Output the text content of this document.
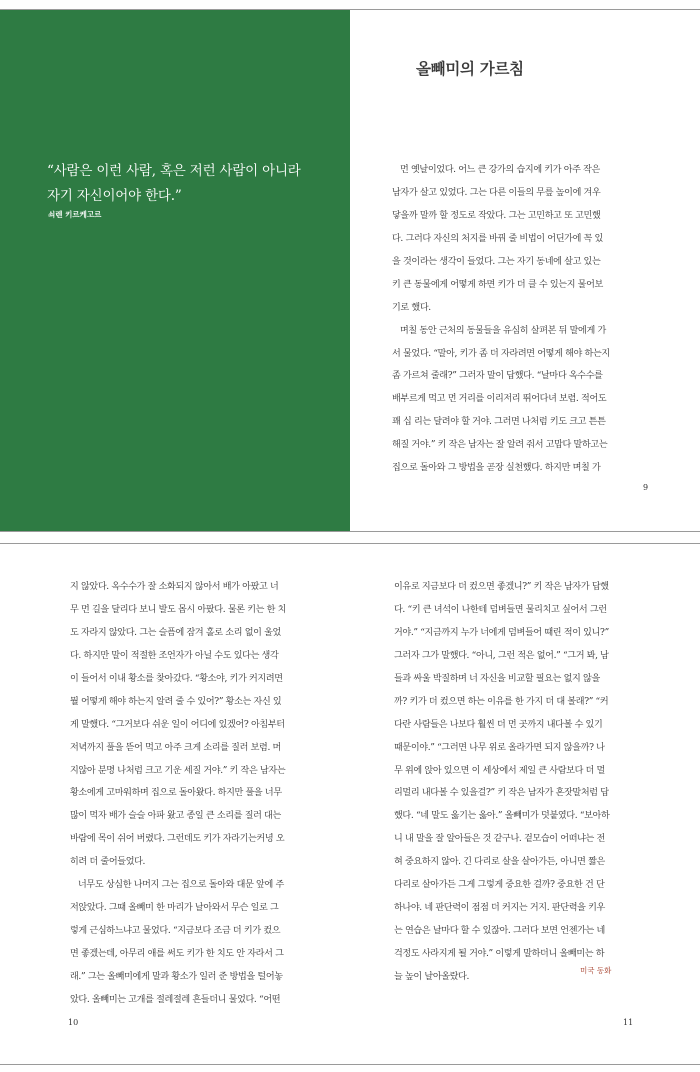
“사람은 이런 사람, 혹은 저런 사람이 아니라
자기 자신이어야 한다.”

쇠렌 키르케고르

올빼미의 가르침
먼 옛날이었다. 어느 큰 강가의 습지에 키가 아주 작은
남자가 살고 있었다. 그는 다른 이들의 무릎 높이에 겨우
닿을까 말까 할 정도로 작았다. 그는 고민하고 또 고민했
다. 그러다 자신의 처지를 바꿔 줄 비법이 어딘가에 꼭 있
을 것이라는 생각이 들었다. 그는 자기 동네에 살고 있는
키 큰 동물에게 어떻게 하면 키가 더 클 수 있는지 물어보
기로 했다.
며칠 동안 근처의 동물들을 유심히 살펴본 뒤 말에게 가
서 물었다. “말아, 키가 좀 더 자라려면 어떻게 해야 하는지
좀 가르쳐 줄래?” 그러자 말이 답했다. “날마다 옥수수를
배부르게 먹고 먼 거리를 이리저리 뛰어다녀 보렴. 적어도
꽤 십 리는 달려야 할 거야. 그러면 나처럼 키도 크고 튼튼
해질 거야.” 키 작은 남자는 잘 알려 줘서 고맙다 말하고는
집으로 돌아와 그 방법을 곧장 실천했다. 하지만 며칠 가

9

지 않았다. 옥수수가 잘 소화되지 않아서 배가 아팠고 너
무 먼 길을 달리다 보니 발도 몹시 아팠다. 물론 키는 한 치
도 자라지 않았다. 그는 슬픔에 잠겨 홀로 소리 없이 울었
다. 하지만 말이 적절한 조언자가 아닐 수도 있다는 생각
이 들어서 이내 황소를 찾아갔다. “황소야, 키가 커지려면
뭘 어떻게 해야 하는지 알려 줄 수 있어?” 황소는 자신 있
게 말했다. “그거보다 쉬운 일이 어디에 있겠어? 아침부터
저녁까지 풀을 뜯어 먹고 아주 크게 소리를 질러 보렴. 머
지않아 분명 나처럼 크고 기운 세질 거야.” 키 작은 남자는
황소에게 고마워하며 집으로 돌아왔다. 하지만 풀을 너무
많이 먹자 배가 슬슬 아파 왔고 종일 큰 소리를 질러 대는
바람에 목이 쉬어 버렸다. 그런데도 키가 자라기는커녕 오
히려 더 줄어들었다.
너무도 상심한 나머지 그는 집으로 돌아와 대문 앞에 주
저앉았다. 그때 올빼미 한 마리가 날아와서 무슨 일로 그
렇게 근심하느냐고 물었다. “지금보다 조금 더 키가 컸으
면 좋겠는데, 아무리 애를 써도 키가 한 치도 안 자라서 그
래.” 그는 올빼미에게 말과 황소가 일러 준 방법을 털어놓
았다. 올빼미는 고개를 절레절레 흔들더니 물었다. “어떤
이유로 지금보다 더 컸으면 좋겠니?” 키 작은 남자가 답했
다. “키 큰 녀석이 나한테 덤벼들면 물리치고 싶어서 그런
거야.” “지금까지 누가 너에게 덤벼들어 때린 적이 있니?”
그러자 그가 말했다. “아니, 그런 적은 없어.” “그거 봐, 남
들과 싸울 박질하며 너 자신을 비교할 필요는 없지 않을
까? 키가 더 컸으면 하는 이유를 한 가지 더 대 볼래?” “커
다란 사람들은 나보다 훨씬 더 먼 곳까지 내다볼 수 있기
때문이야.” “그러면 나무 위로 올라가면 되지 않을까? 나
무 위에 앉아 있으면 이 세상에서 제일 큰 사람보다 더 멀
리멀리 내다볼 수 있을걸?” 키 작은 남자가 혼잣말처럼 답
했다. “네 말도 옳기는 옳아.” 올빼미가 덧붙였다. “보아하
니 내 말을 잘 알아들은 것 같구나. 겉모습이 어떠냐는 전
혀 중요하지 않아. 긴 다리로 살을 살아가든, 아니면 짧은
다리로 살아가든 그게 그렇게 중요한 걸까? 중요한 건 단
하나야. 네 판단력이 점점 더 커지는 거지. 판단력을 키우
는 연습은 날마다 할 수 있잖아. 그러다 보면 언젠가는 네
걱정도 사라지게 될 거야.” 이렇게 말하더니 올빼미는 하
늘 높이 날아올랐다.

미국 동화

10	11
